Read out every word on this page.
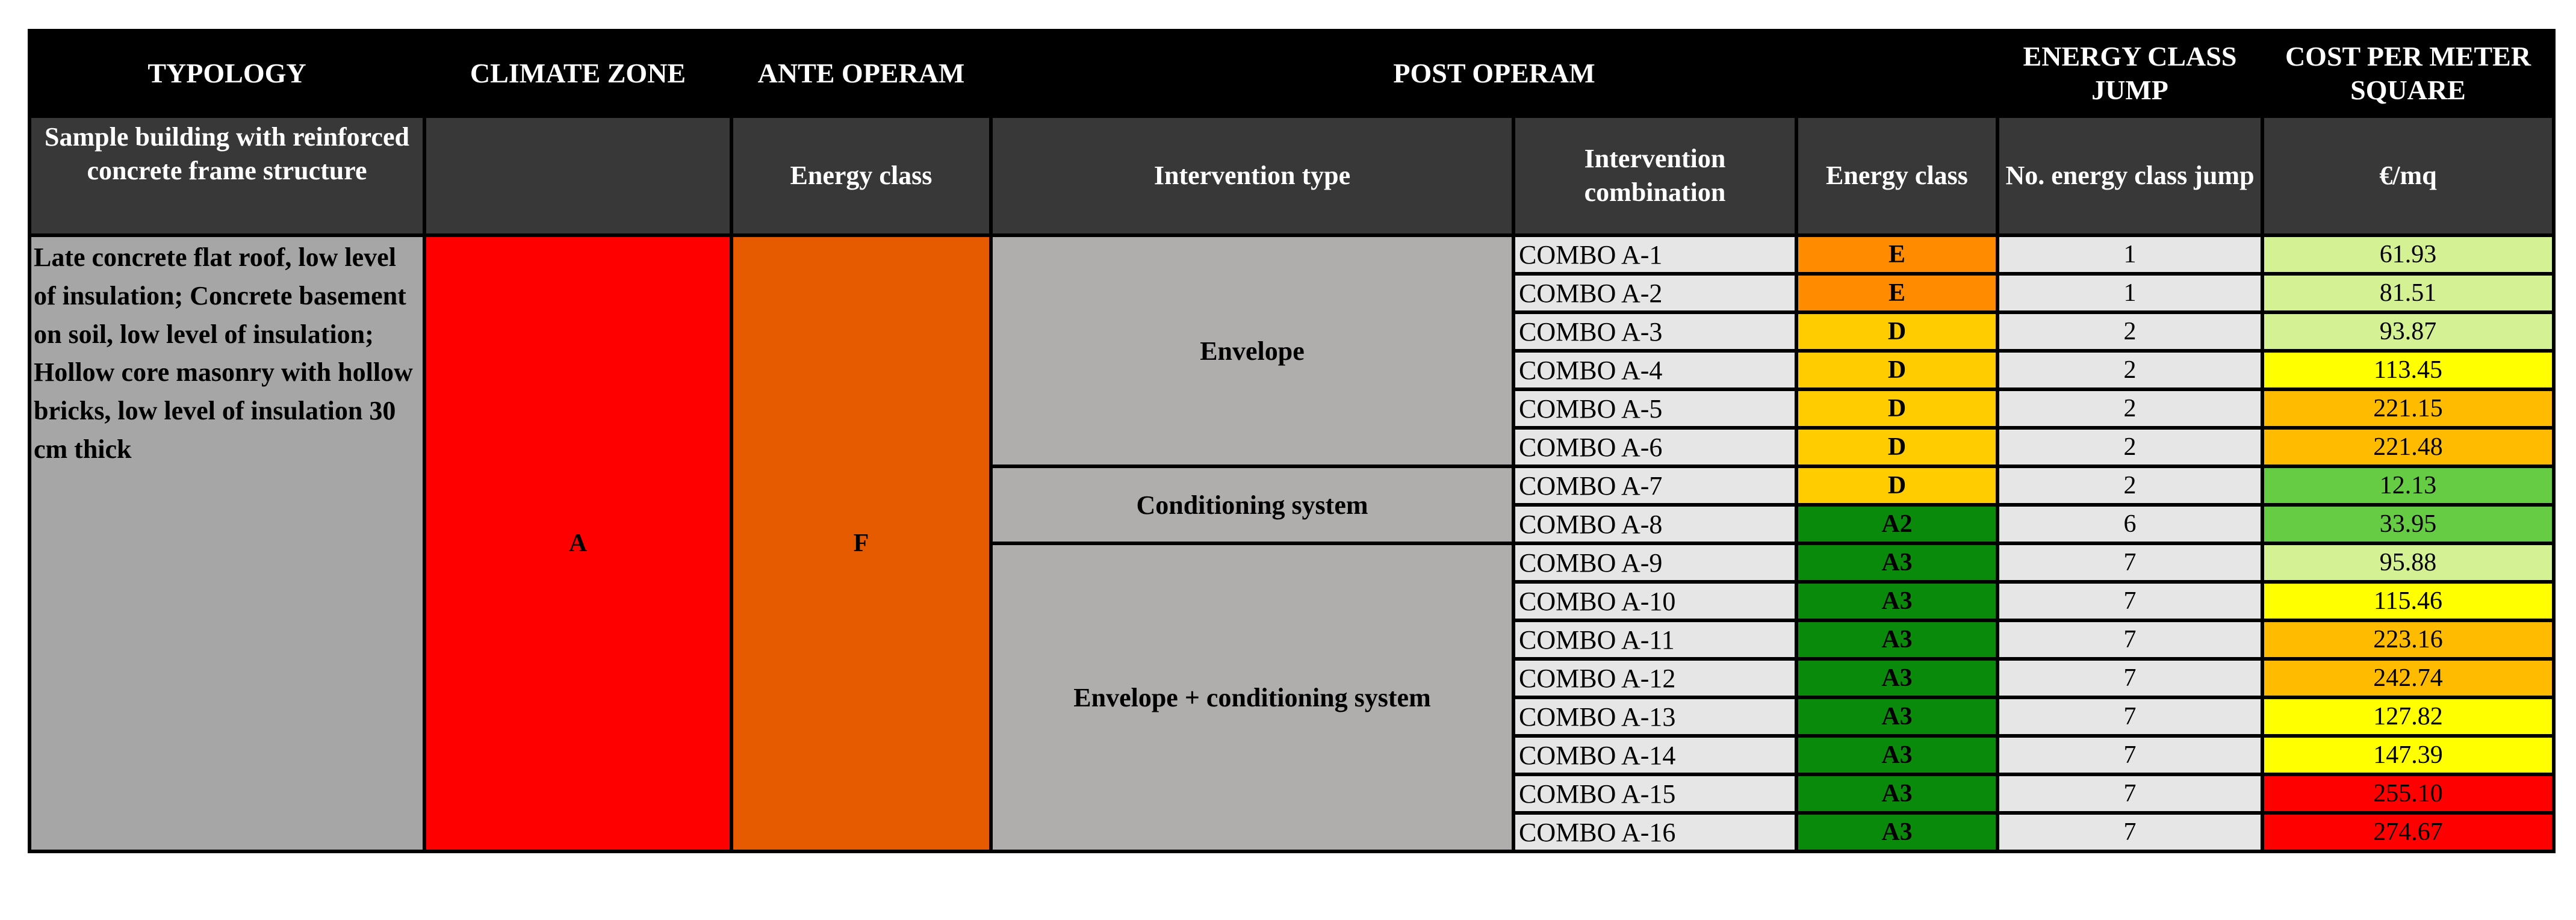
TYPOLOGY	CLIMATE ZONE	ANTE OPERAM	POST OPERAM			ENERGY CLASS JUMP	COST PER METER SQUARE
Sample building with reinforced concrete frame structure		Energy class	Intervention type	Intervention combination	Energy class	No. energy class jump	€/mq
Late concrete flat roof, low level of insulation; Concrete basement on soil, low level of insulation; Hollow core masonry with hollow bricks, low level of insulation 30 cm thick	A	F	Envelope	COMBO A-1	E	1	61.93
				COMBO A-2	E	1	81.51
				COMBO A-3	D	2	93.87
				COMBO A-4	D	2	113.45
				COMBO A-5	D	2	221.15
				COMBO A-6	D	2	221.48
			Conditioning system	COMBO A-7	D	2	12.13
				COMBO A-8	A2	6	33.95
			Envelope + conditioning system	COMBO A-9	A3	7	95.88
				COMBO A-10	A3	7	115.46
				COMBO A-11	A3	7	223.16
				COMBO A-12	A3	7	242.74
				COMBO A-13	A3	7	127.82
				COMBO A-14	A3	7	147.39
				COMBO A-15	A3	7	255.10
				COMBO A-16	A3	7	274.67
